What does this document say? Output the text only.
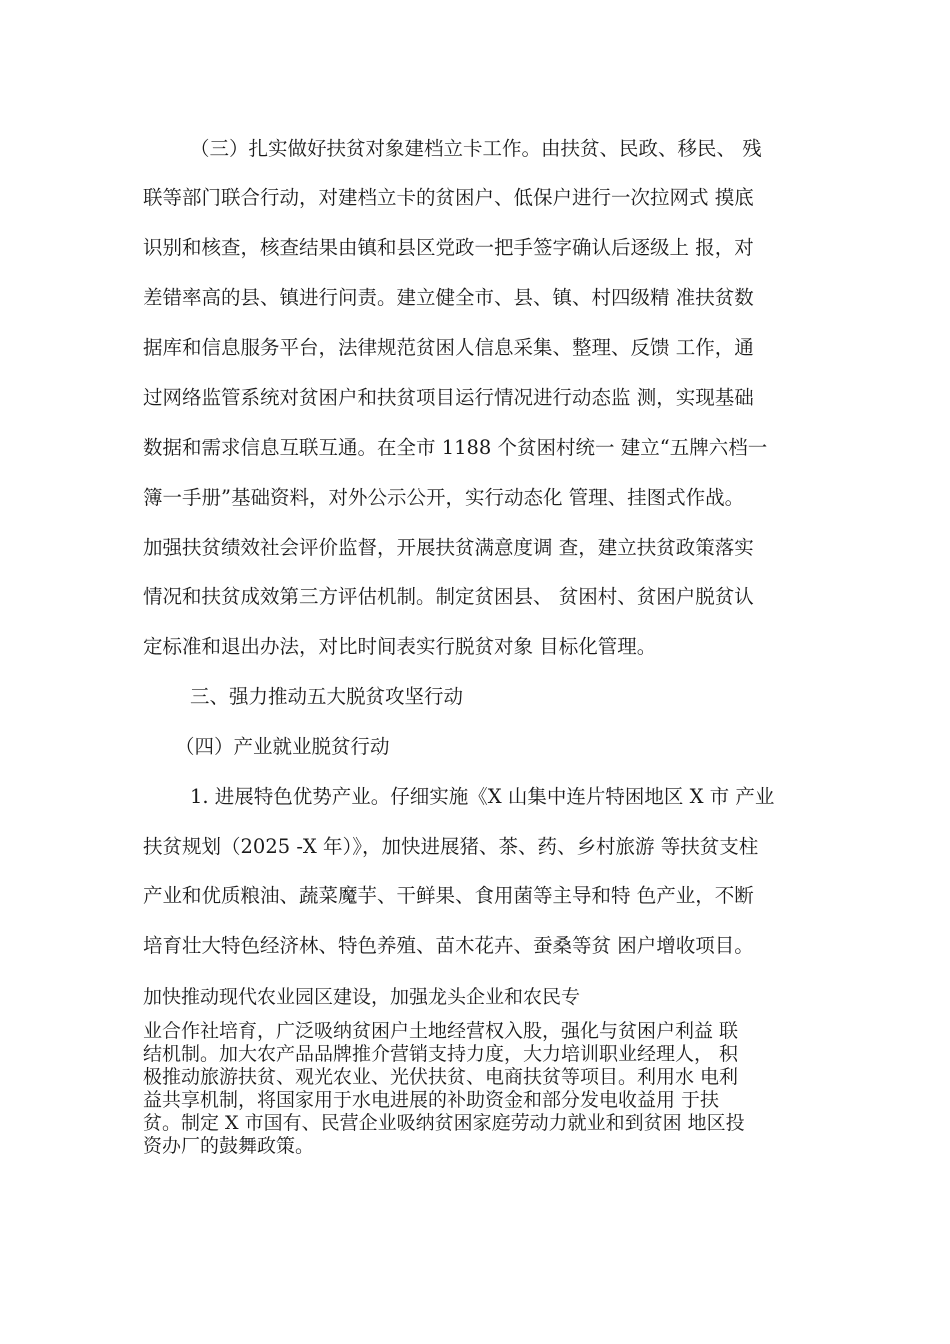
（三）扎实做好扶贫对象建档立卡工作。由扶贫、民政、移民、 残
联等部门联合行动，对建档立卡的贫困户、低保户进行一次拉网式 摸底
识别和核查，核查结果由镇和县区党政一把手签字确认后逐级上 报，对
差错率高的县、镇进行问责。建立健全市、县、镇、村四级精 准扶贫数
据库和信息服务平台，法律规范贫困人信息采集、整理、反馈 工作，通
过网络监管系统对贫困户和扶贫项目运行情况进行动态监 测，实现基础
数据和需求信息互联互通。在全市 1188 个贫困村统一 建立“五牌六档一
簿一手册”基础资料，对外公示公开，实行动态化 管理、挂图式作战。
加强扶贫绩效社会评价监督，开展扶贫满意度调 查，建立扶贫政策落实
情况和扶贫成效第三方评估机制。制定贫困县、 贫困村、贫困户脱贫认
定标准和退出办法，对比时间表实行脱贫对象 目标化管理。
三、强力推动五大脱贫攻坚行动
（四）产业就业脱贫行动
1. 进展特色优势产业。仔细实施《X 山集中连片特困地区 X 市 产业
扶贫规划（2025 -X 年）》，加快进展猪、茶、药、乡村旅游 等扶贫支柱
产业和优质粮油、蔬菜魔芋、干鲜果、食用菌等主导和特 色产业，不断
培育壮大特色经济林、特色养殖、苗木花卉、蚕桑等贫 困户增收项目。
加快推动现代农业园区建设，加强龙头企业和农民专
业合作社培育，广泛吸纳贫困户土地经营权入股，强化与贫困户利益 联
结机制。加大农产品品牌推介营销支持力度，大力培训职业经理人， 积
极推动旅游扶贫、观光农业、光伏扶贫、电商扶贫等项目。利用水 电利
益共享机制，将国家用于水电进展的补助资金和部分发电收益用 于扶
贫。制定 X 市国有、民营企业吸纳贫困家庭劳动力就业和到贫困 地区投
资办厂的鼓舞政策。
